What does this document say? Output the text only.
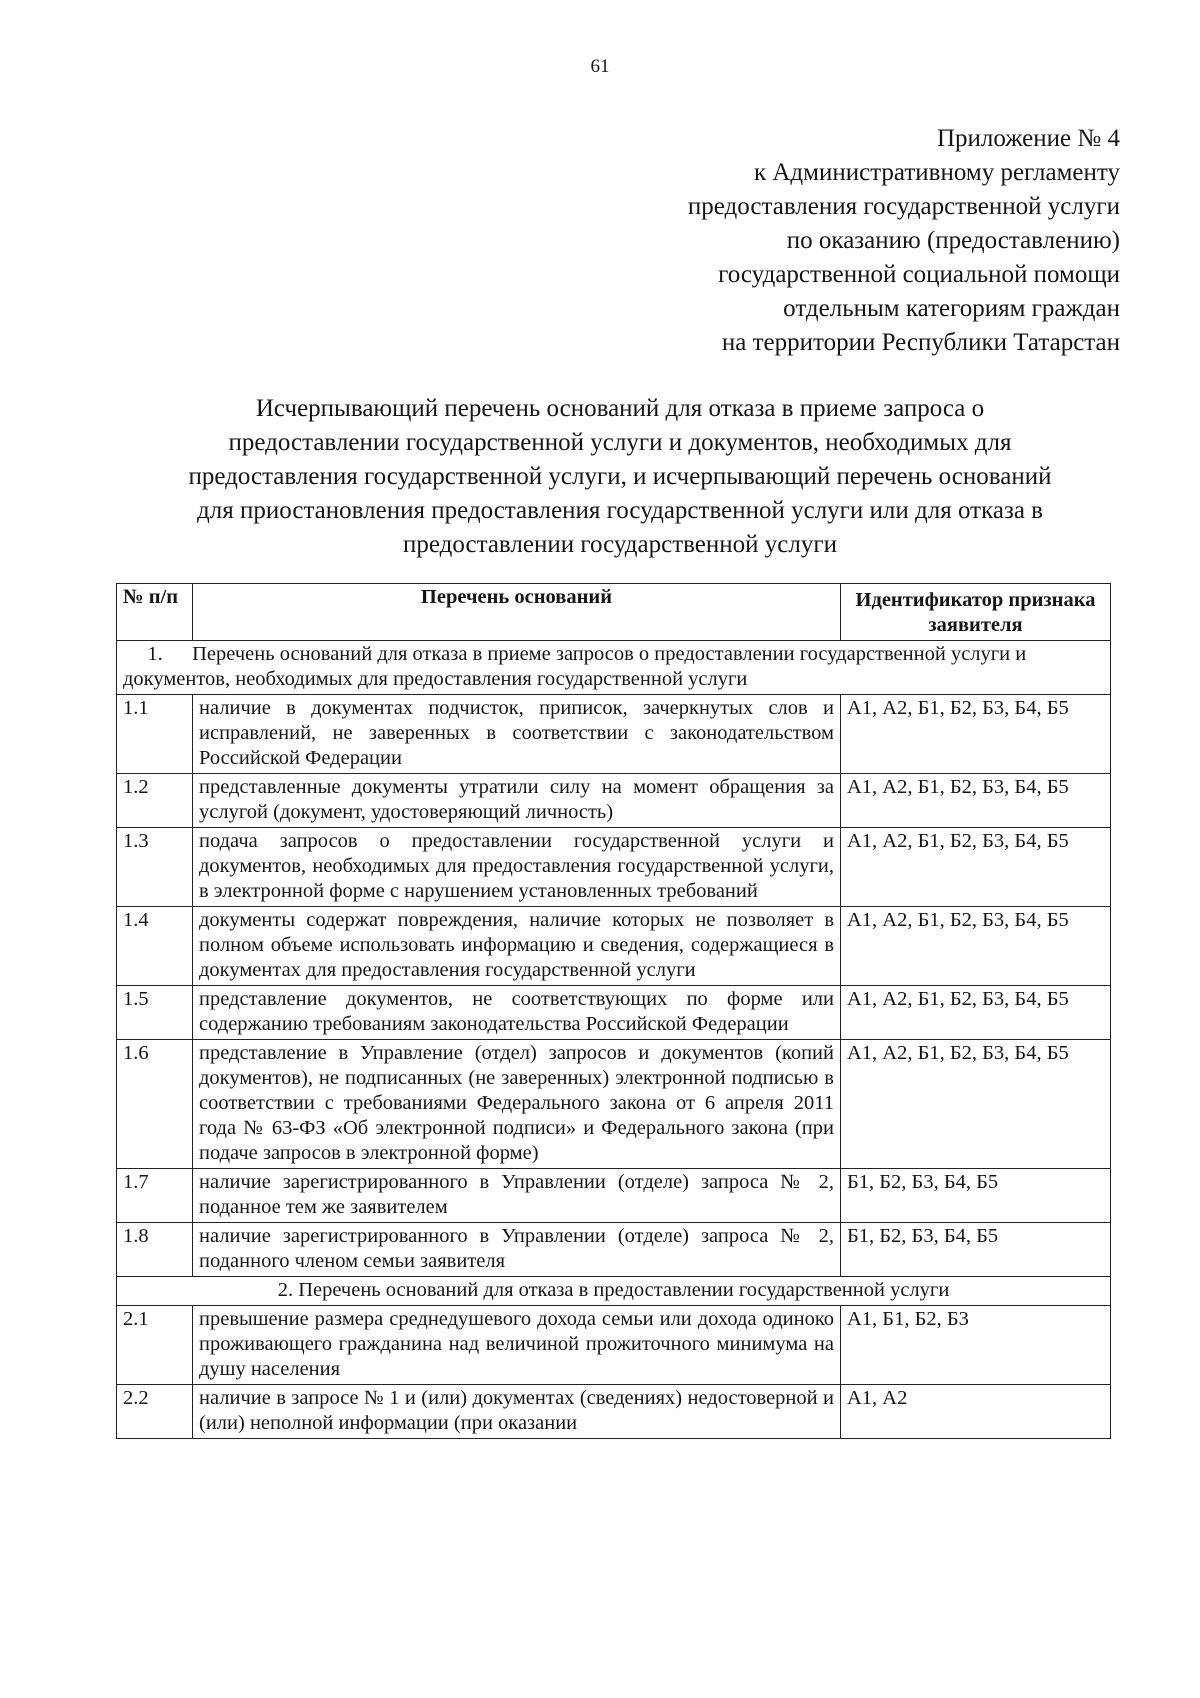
61
Приложение № 4
к Административному регламенту
предоставления государственной услуги
по оказанию (предоставлению)
государственной социальной помощи
отдельным категориям граждан
на территории Республики Татарстан
Исчерпывающий перечень оснований для отказа в приеме запроса о
предоставлении государственной услуги и документов, необходимых для
предоставления государственной услуги, и исчерпывающий перечень оснований
для приостановления предоставления государственной услуги или для отказа в
предоставлении государственной услуги
№ п/п	Перечень оснований	Идентификатор признака заявителя
1. Перечень оснований для отказа в приеме запросов о предоставлении государственной услуги и документов, необходимых для предоставления государственной услуги		
1.1	наличие в документах подчисток, приписок, зачеркнутых слов и исправлений, не заверенных в соответствии с законодательством Российской Федерации	А1, А2, Б1, Б2, Б3, Б4, Б5
1.2	представленные документы утратили силу на момент обращения за услугой (документ, удостоверяющий личность)	А1, А2, Б1, Б2, Б3, Б4, Б5
1.3	подача запросов о предоставлении государственной услуги и документов, необходимых для предоставления государственной услуги, в электронной форме с нарушением установленных требований	А1, А2, Б1, Б2, Б3, Б4, Б5
1.4	документы содержат повреждения, наличие которых не позволяет в полном объеме использовать информацию и сведения, содержащиеся в документах для предоставления государственной услуги	А1, А2, Б1, Б2, Б3, Б4, Б5
1.5	представление документов, не соответствующих по форме или содержанию требованиям законодательства Российской Федерации	А1, А2, Б1, Б2, Б3, Б4, Б5
1.6	представление в Управление (отдел) запросов и документов (копий документов), не подписанных (не заверенных) электронной подписью в соответствии с требованиями Федерального закона от 6 апреля 2011 года № 63-ФЗ «Об электронной подписи» и Федерального закона (при подаче запросов в электронной форме)	А1, А2, Б1, Б2, Б3, Б4, Б5
1.7	наличие зарегистрированного в Управлении (отделе) запроса № 2, поданное тем же заявителем	Б1, Б2, Б3, Б4, Б5
1.8	наличие зарегистрированного в Управлении (отделе) запроса № 2, поданного членом семьи заявителя	Б1, Б2, Б3, Б4, Б5
2. Перечень оснований для отказа в предоставлении государственной услуги		
2.1	превышение размера среднедушевого дохода семьи или дохода одиноко проживающего гражданина над величиной прожиточного минимума на душу населения	А1, Б1, Б2, Б3
2.2	наличие в запросе № 1 и (или) документах (сведениях) недостоверной и (или) неполной информации (при оказании	А1, А2
